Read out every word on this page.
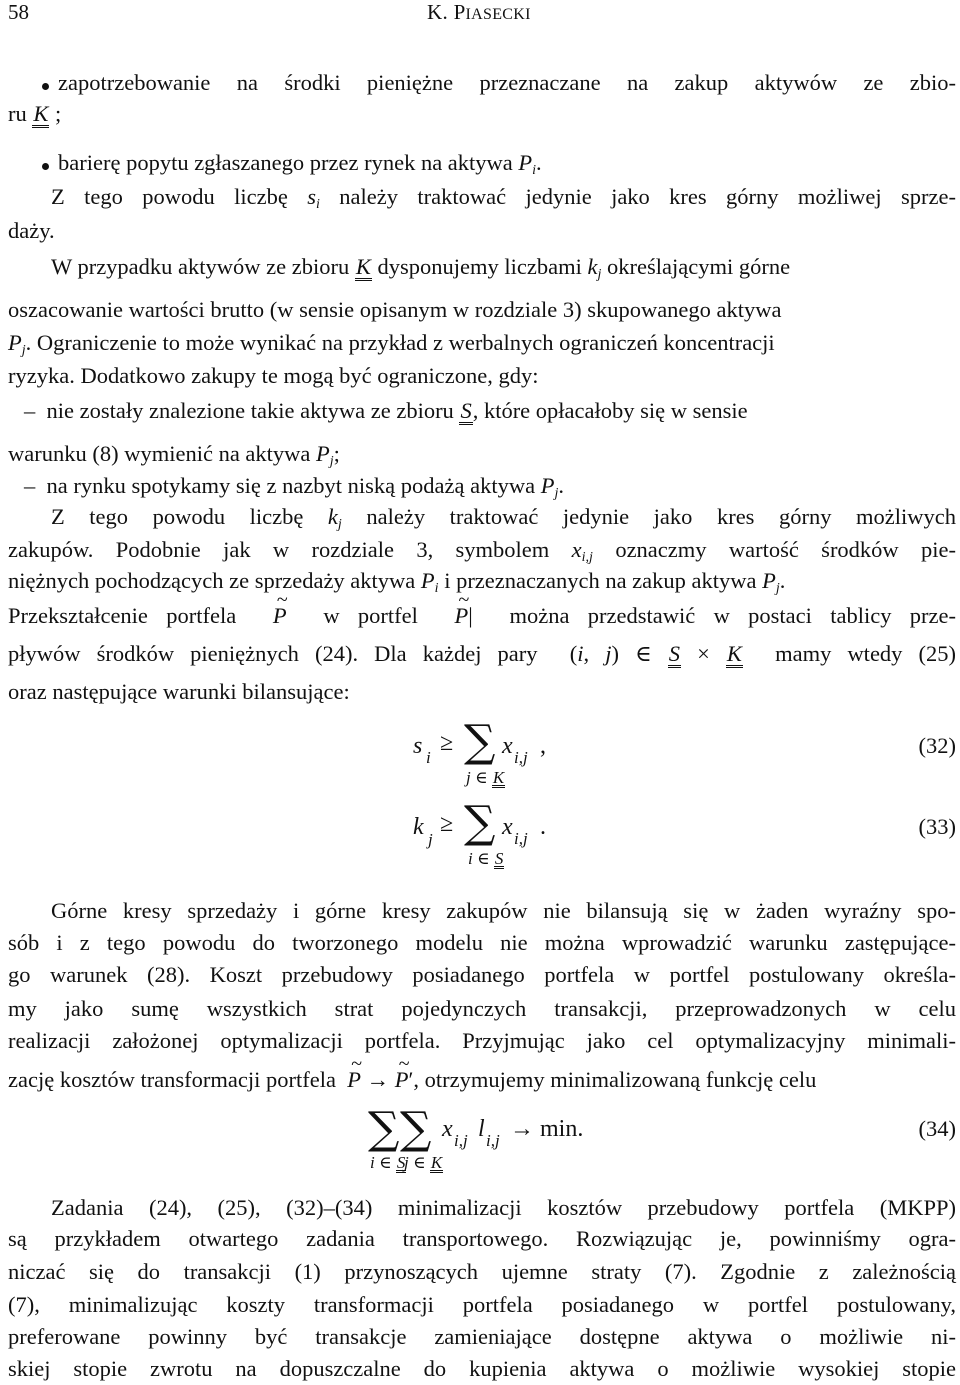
58	K. PIASECKI
zapotrzebowanie na środki pieniężne przeznaczane na zakup aktywów ze zbio-
ru K ;
barierę popytu zgłaszanego przez rynek na aktywa $P_i$.
Z tego powodu liczbę $s_i$ należy traktować jedynie jako kres górny możliwej sprze-
daży.
W przypadku aktywów ze zbioru K dysponujemy liczbami $k_j$ określającymi górne
oszacowanie wartości brutto (w sensie opisanym w rozdziale 3) skupowanego aktywa
$P_j$. Ograniczenie to może wynikać na przykład z werbalnych ograniczeń koncentracji
ryzyka. Dodatkowo zakupy te mogą być ograniczone, gdy:
–  nie zostały znalezione takie aktywa ze zbioru S, które opłacałoby się w sensie
warunku (8) wymienić na aktywa $P_j$;
–  na rynku spotykamy się z nazbyt niską podażą aktywa $P_j$.
Z tego powodu liczbę $k_j$ należy traktować jedynie jako kres górny możliwych
zakupów. Podobnie jak w rozdziale 3, symbolem $x_{i,j}$ oznaczmy wartość środków pie-
niężnych pochodzących ze sprzedaży aktywa $P_i$ i przeznaczanych na zakup aktywa $P_j$.
Przekształcenie portfela ~ P w portfel ~ P|  można przedstawić w postaci tablicy prze-
pływów środków pieniężnych (24). Dla każdej pary  (i, j) ∈ S × K mamy wtedy (25)
oraz następujące warunki bilansujące:
s i
≥ ∑ x i,j ,
j ∈ K
(32)
k j
≥ ∑ x i,j .
i ∈ S
(33)
Górne kresy sprzedaży i górne kresy zakupów nie bilansują się w żaden wyraźny spo-
sób i z tego powodu do tworzonego modelu nie można wprowadzić warunku zastępujące-
go warunek (28). Koszt przebudowy posiadanego portfela w portfel postulowany określa-
my jako sumę wszystkich strat pojedynczych transakcji, przeprowadzonych w celu
realizacji założonej optymalizacji portfela. Przyjmując jako cel optymalizacyjny minimali-
zację kosztów transformacji portfela ~ P → ~ P′, otrzymujemy minimalizowaną funkcję celu
∑ ∑ x i,j l i,j → min.
i ∈ S
j ∈ K
(34)
Zadania (24), (25), (32)–(34) minimalizacji kosztów przebudowy portfela (MKPP)
są przykładem otwartego zadania transportowego. Rozwiązując je, powinniśmy ogra-
niczać się do transakcji (1) przynoszących ujemne straty (7). Zgodnie z zależnością
(7), minimalizując koszty transformacji portfela posiadanego w portfel postulowany,
preferowane powinny być transakcje zamieniające dostępne aktywa o możliwie ni-
skiej stopie zwrotu na dopuszczalne do kupienia aktywa o możliwie wysokiej stopie
